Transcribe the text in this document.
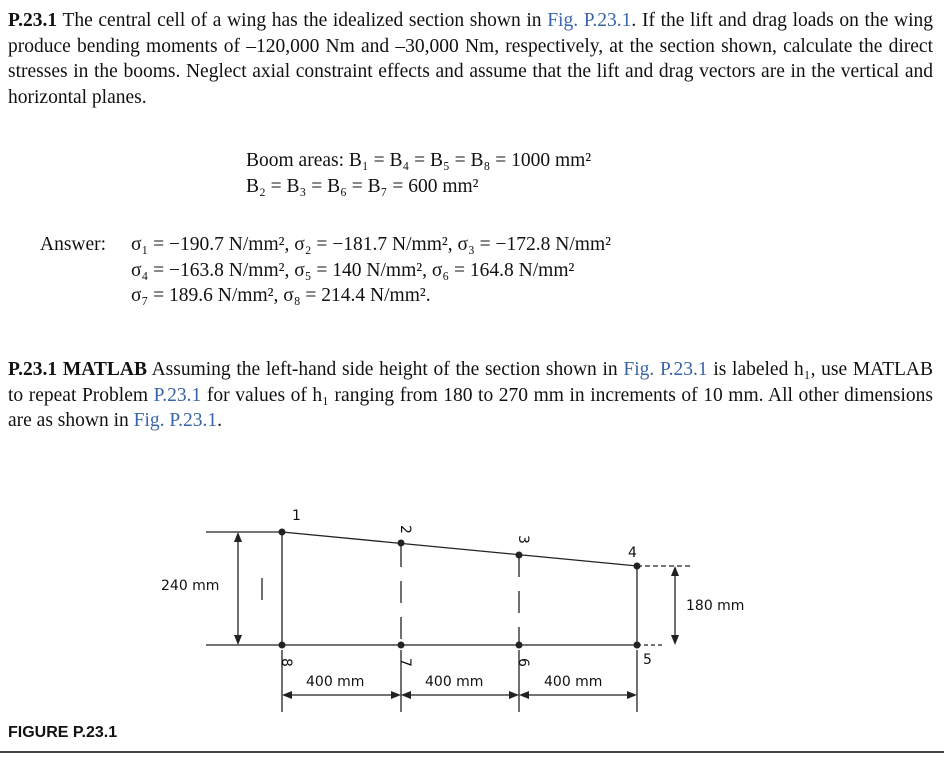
P.23.1 The central cell of a wing has the idealized section shown in Fig. P.23.1. If the lift and drag loads on the wing produce bending moments of –120,000 Nm and –30,000 Nm, respectively, at the section shown, calculate the direct stresses in the booms. Neglect axial constraint effects and assume that the lift and drag vectors are in the vertical and horizontal planes.
Boom areas: B₁ = B₄ = B₅ = B₈ = 1000 mm²
B₂ = B₃ = B₆ = B₇ = 600 mm²
Answer: σ₁ = −190.7 N/mm², σ₂ = −181.7 N/mm², σ₃ = −172.8 N/mm²
σ₄ = −163.8 N/mm², σ₅ = 140 N/mm², σ₆ = 164.8 N/mm²
σ₇ = 189.6 N/mm², σ₈ = 214.4 N/mm².
P.23.1 MATLAB Assuming the left-hand side height of the section shown in Fig. P.23.1 is labeled h₁, use MATLAB to repeat Problem P.23.1 for values of h₁ ranging from 180 to 270 mm in increments of 10 mm. All other dimensions are as shown in Fig. P.23.1.
1
2
3
4
5
6
7
8
240 mm
180 mm
400 mm	400 mm	400 mm
FIGURE P.23.1
